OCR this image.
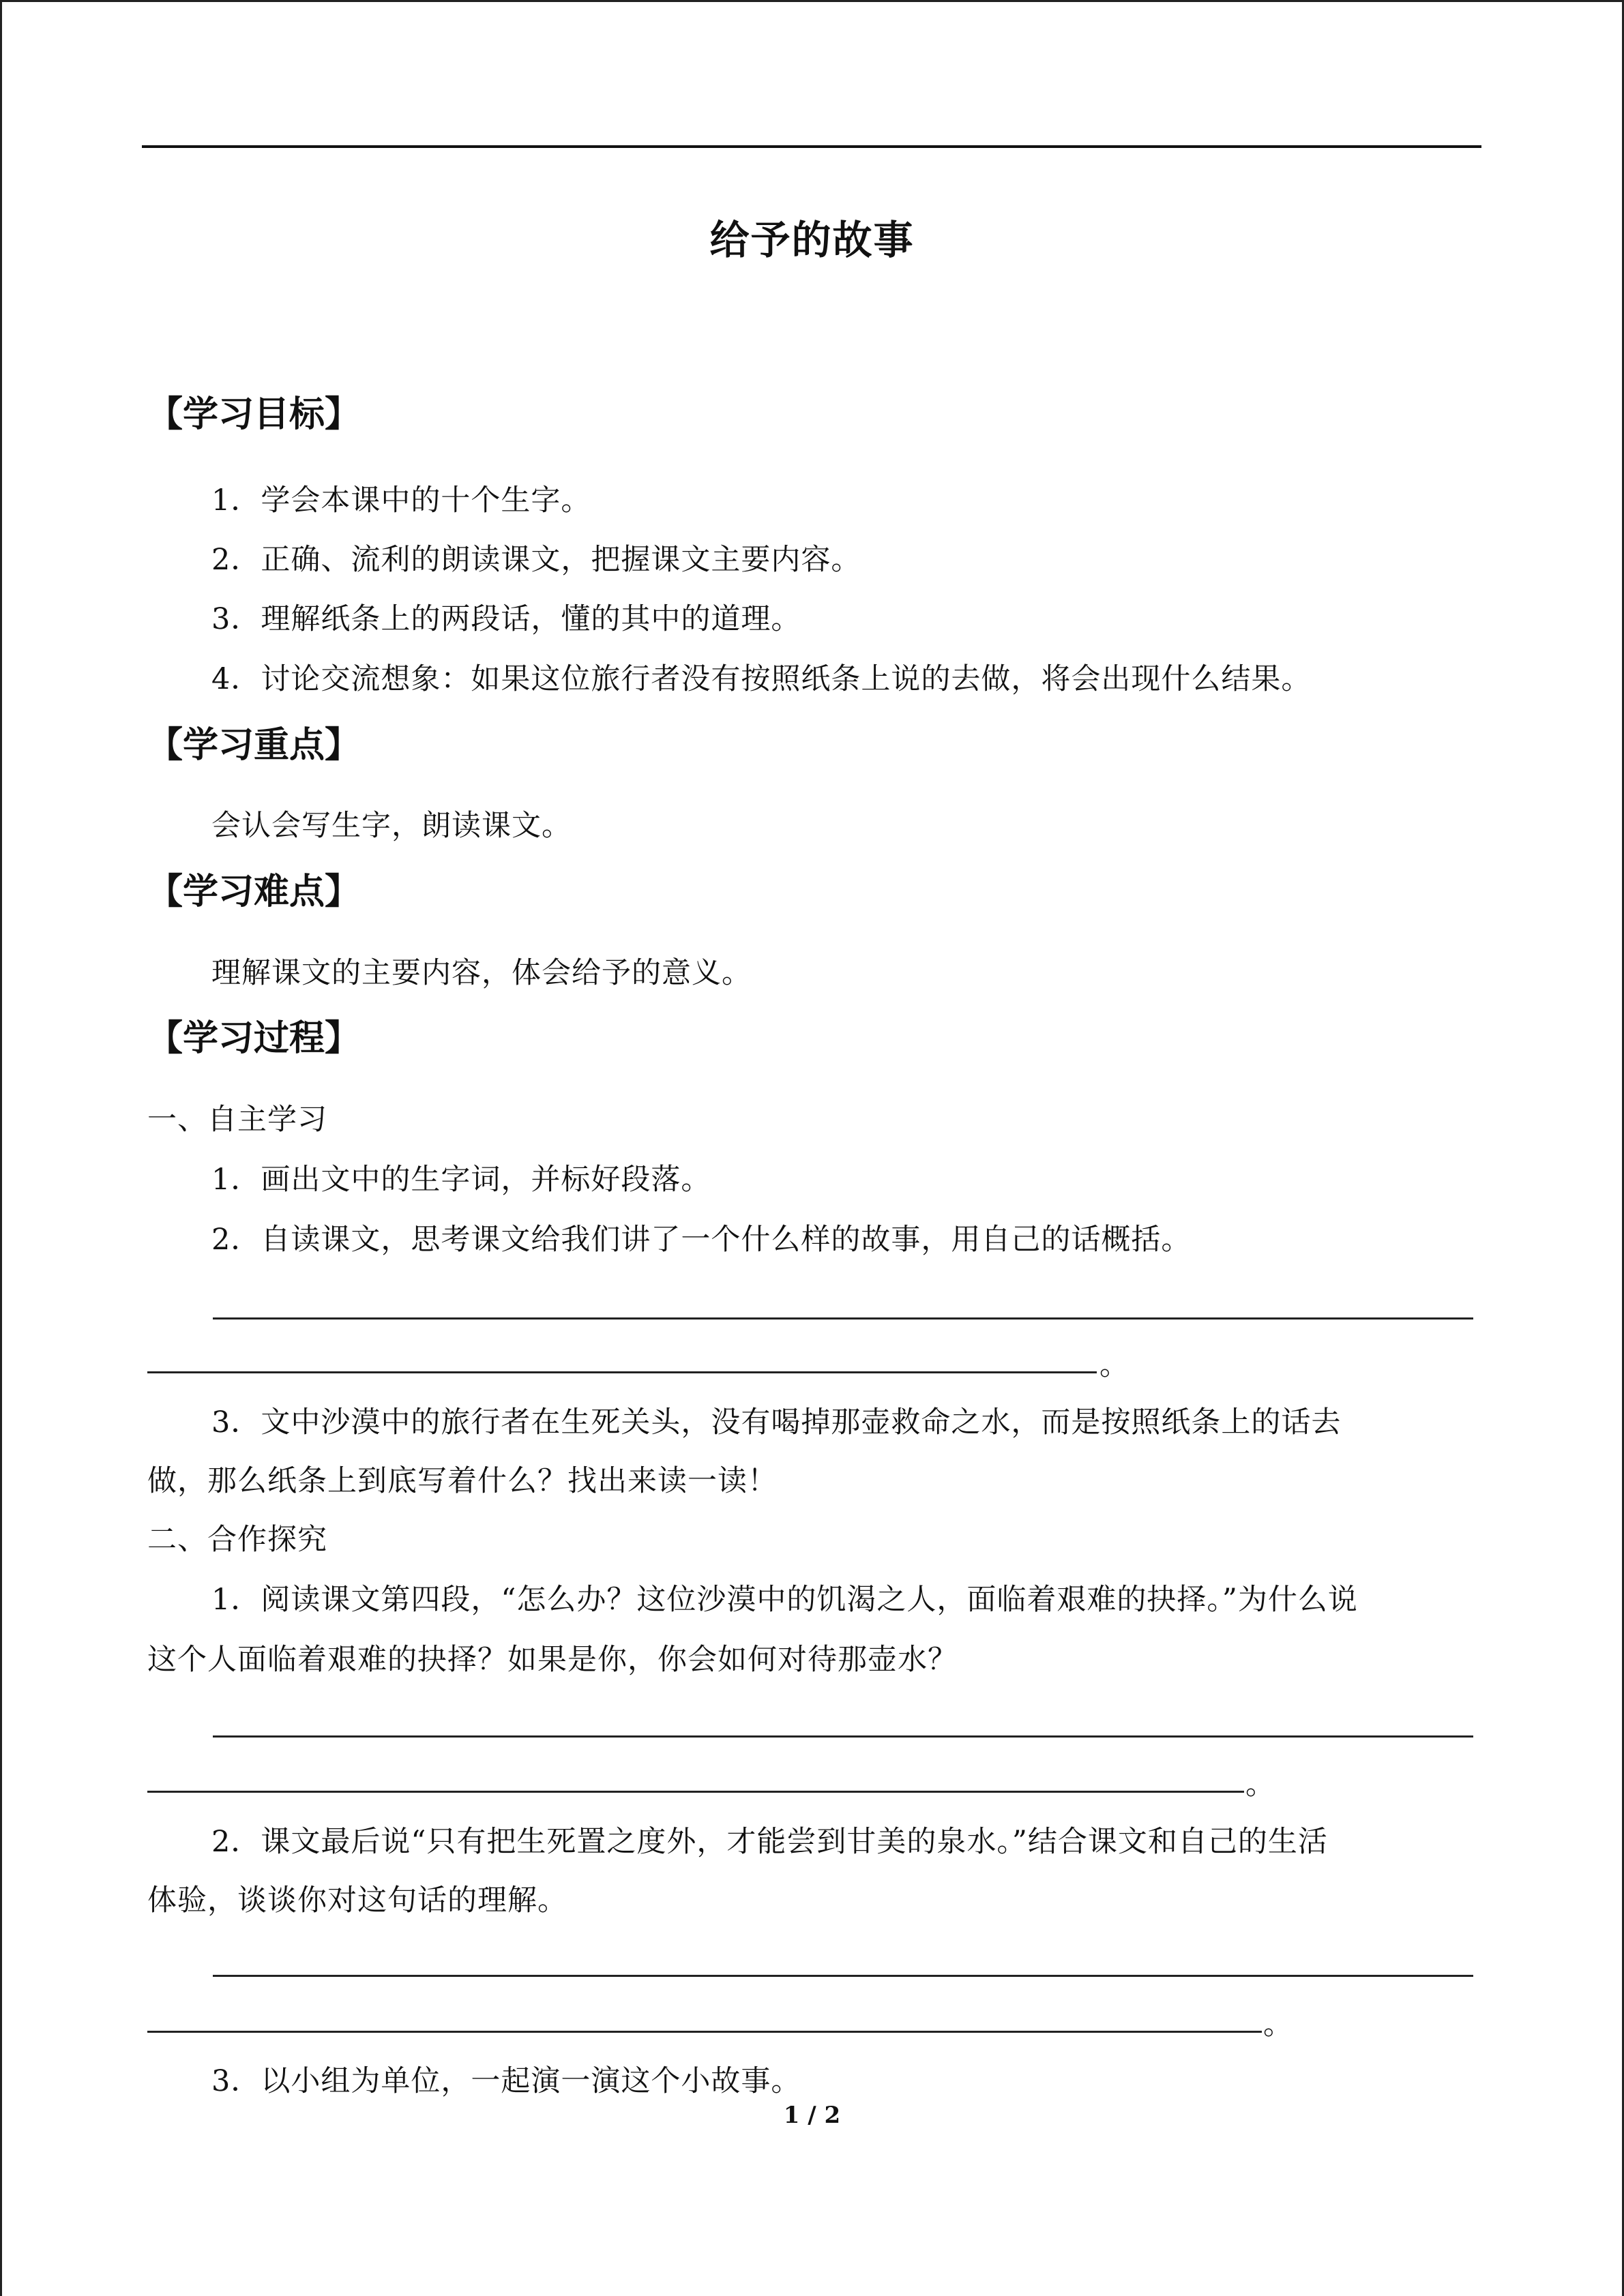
给予的故事
【学习目标】
1．学会本课中的十个生字。
2．正确、流利的朗读课文，把握课文主要内容。
3．理解纸条上的两段话，懂的其中的道理。
4．讨论交流想象：如果这位旅行者没有按照纸条上说的去做，将会出现什么结果。
【学习重点】
会认会写生字，朗读课文。
【学习难点】
理解课文的主要内容，体会给予的意义。
【学习过程】
一、自主学习
1．画出文中的生字词，并标好段落。
2．自读课文，思考课文给我们讲了一个什么样的故事，用自己的话概括。
。
3．文中沙漠中的旅行者在生死关头，没有喝掉那壶救命之水，而是按照纸条上的话去
做，那么纸条上到底写着什么？找出来读一读！
二、合作探究
1．阅读课文第四段，“怎么办？这位沙漠中的饥渴之人，面临着艰难的抉择。”为什么说
这个人面临着艰难的抉择？如果是你，你会如何对待那壶水？
。
2．课文最后说“只有把生死置之度外，才能尝到甘美的泉水。”结合课文和自己的生活
体验，谈谈你对这句话的理解。
。
3．以小组为单位，一起演一演这个小故事。
1 / 2
